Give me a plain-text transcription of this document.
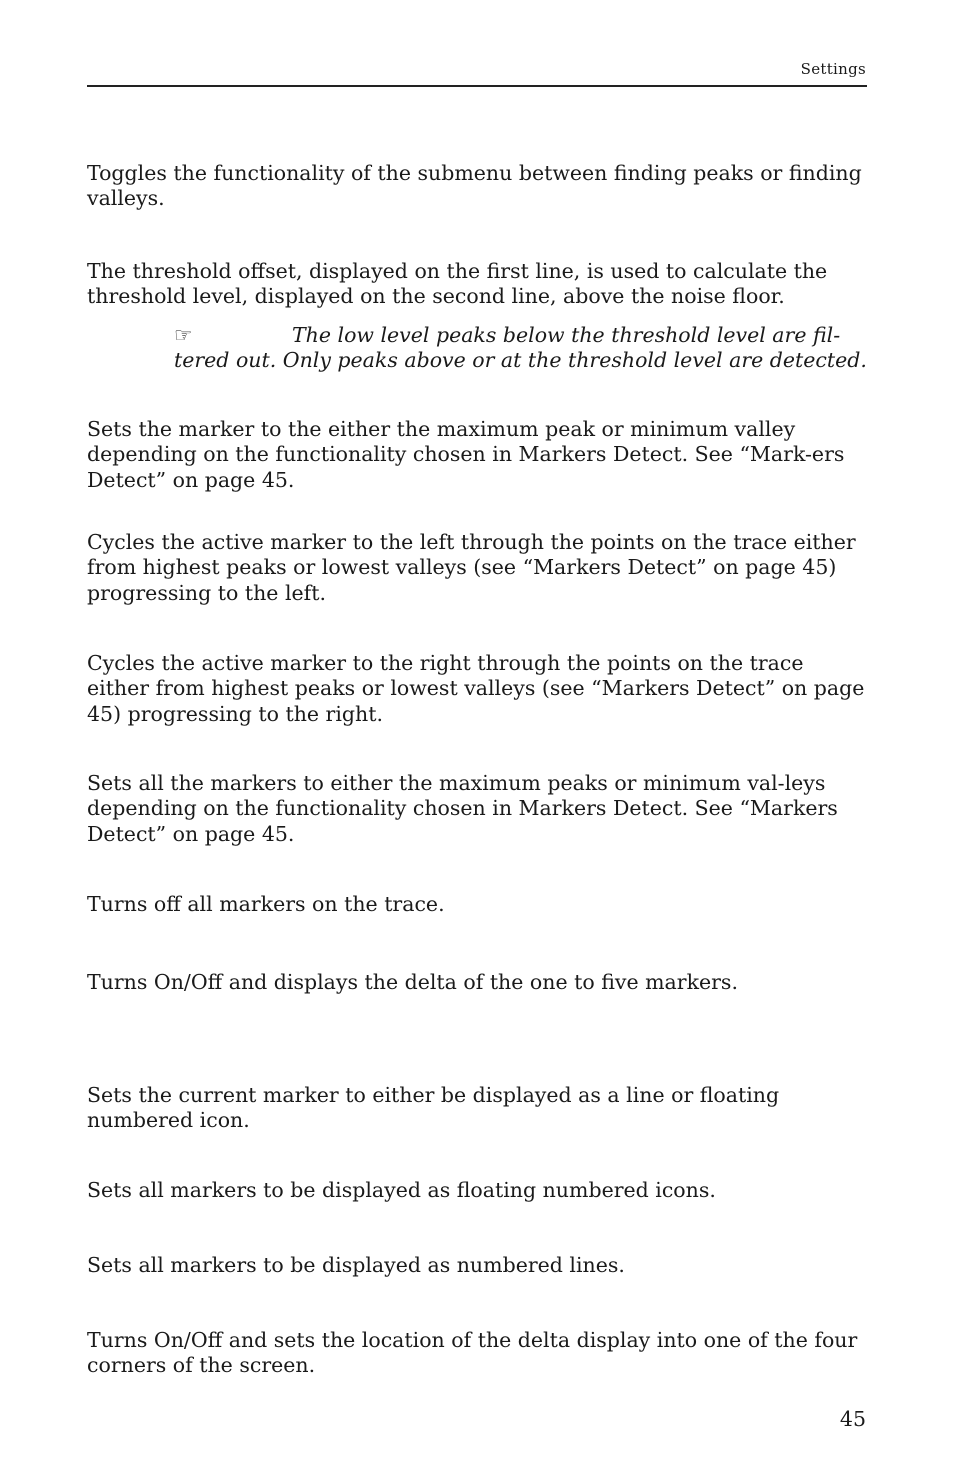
Settings

Toggles the functionality of the submenu between finding peaks or finding valleys.

The threshold offset, displayed on the first line, is used to calculate the threshold level, displayed on the second line, above the noise floor.

☞	The low level peaks below the threshold level are fil-tered out. Only peaks above or at the threshold level are detected.

Sets the marker to the either the maximum peak or minimum valley depending on the functionality chosen in Markers Detect. See “Mark-ers Detect” on page 45.

Cycles the active marker to the left through the points on the trace either from highest peaks or lowest valleys (see “Markers Detect” on page 45) progressing to the left.

Cycles the active marker to the right through the points on the trace either from highest peaks or lowest valleys (see “Markers Detect” on page 45) progressing to the right.

Sets all the markers to either the maximum peaks or minimum val-leys depending on the functionality chosen in Markers Detect. See “Markers Detect” on page 45.

Turns off all markers on the trace.

Turns On/Off and displays the delta of the one to five markers.

Sets the current marker to either be displayed as a line or floating numbered icon.

Sets all markers to be displayed as floating numbered icons.

Sets all markers to be displayed as numbered lines.

Turns On/Off and sets the location of the delta display into one of the four corners of the screen.

45
